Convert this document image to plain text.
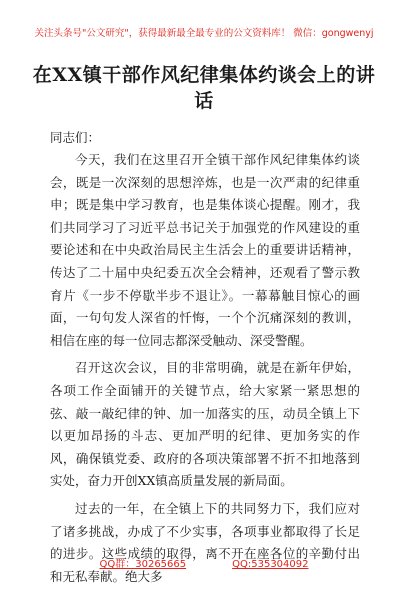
关注头条号"公文研究"，获得最新最全最专业的公文资料库！ 微信：gongwenyj
在XX镇干部作风纪律集体约谈会上的讲话

同志们：

今天，我们在这里召开全镇干部作风纪律集体约谈会，既是一次深刻的思想淬炼，也是一次严肃的纪律重申；既是集中学习教育，也是集体谈心提醒。刚才，我们共同学习了习近平总书记关于加强党的作风建设的重要论述和在中央政治局民主生活会上的重要讲话精神，传达了二十届中央纪委五次全会精神，还观看了警示教育片《一步不停歇半步不退让》。一幕幕触目惊心的画面，一句句发人深省的忏悔，一个个沉痛深刻的教训，相信在座的每一位同志都深受触动、深受警醒。

召开这次会议，目的非常明确，就是在新年伊始，各项工作全面铺开的关键节点，给大家紧一紧思想的弦、敲一敲纪律的钟、加一加落实的压，动员全镇上下以更加昂扬的斗志、更加严明的纪律、更加务实的作风，确保镇党委、政府的各项决策部署不折不扣地落到实处，奋力开创XX镇高质量发展的新局面。

过去的一年，在全镇上下的共同努力下，我们应对了诸多挑战，办成了不少实事，各项事业都取得了长足的进步。这些成绩的取得，离不开在座各位的辛勤付出和无私奉献。绝大多

QQ群：30265665	QQ:535304092
